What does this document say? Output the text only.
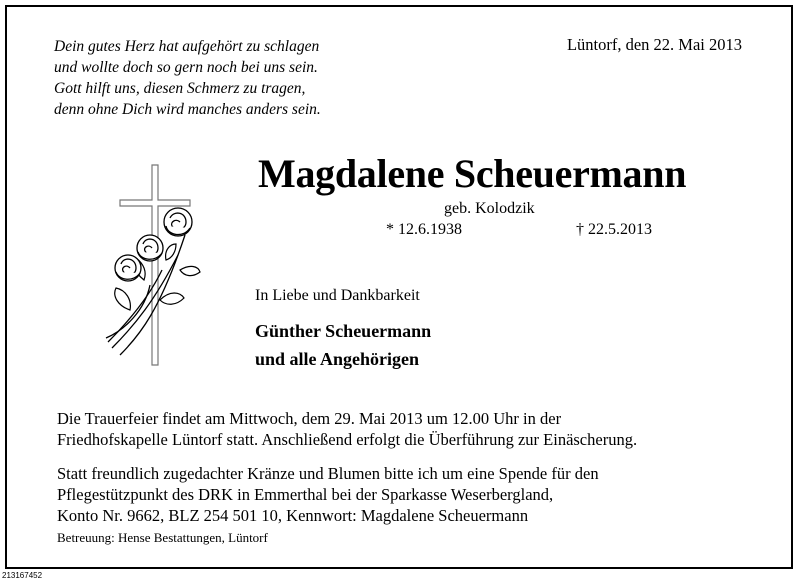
Dein gutes Herz hat aufgehört zu schlagen
und wollte doch so gern noch bei uns sein.
Gott hilft uns, diesen Schmerz zu tragen,
denn ohne Dich wird manches anders sein.
Lüntorf, den 22. Mai 2013
Magdalene Scheuermann
geb. Kolodzik
* 12.6.1938	† 22.5.2013
In Liebe und Dankbarkeit
Günther Scheuermann
und alle Angehörigen
Die Trauerfeier findet am Mittwoch, dem 29. Mai 2013 um 12.00 Uhr in der
Friedhofskapelle Lüntorf statt. Anschließend erfolgt die Überführung zur Einäscherung.
Statt freundlich zugedachter Kränze und Blumen bitte ich um eine Spende für den
Pflegestützpunkt des DRK in Emmerthal bei der Sparkasse Weserbergland,
Konto Nr. 9662, BLZ 254 501 10, Kennwort: Magdalene Scheuermann
Betreuung: Hense Bestattungen, Lüntorf
213167452
